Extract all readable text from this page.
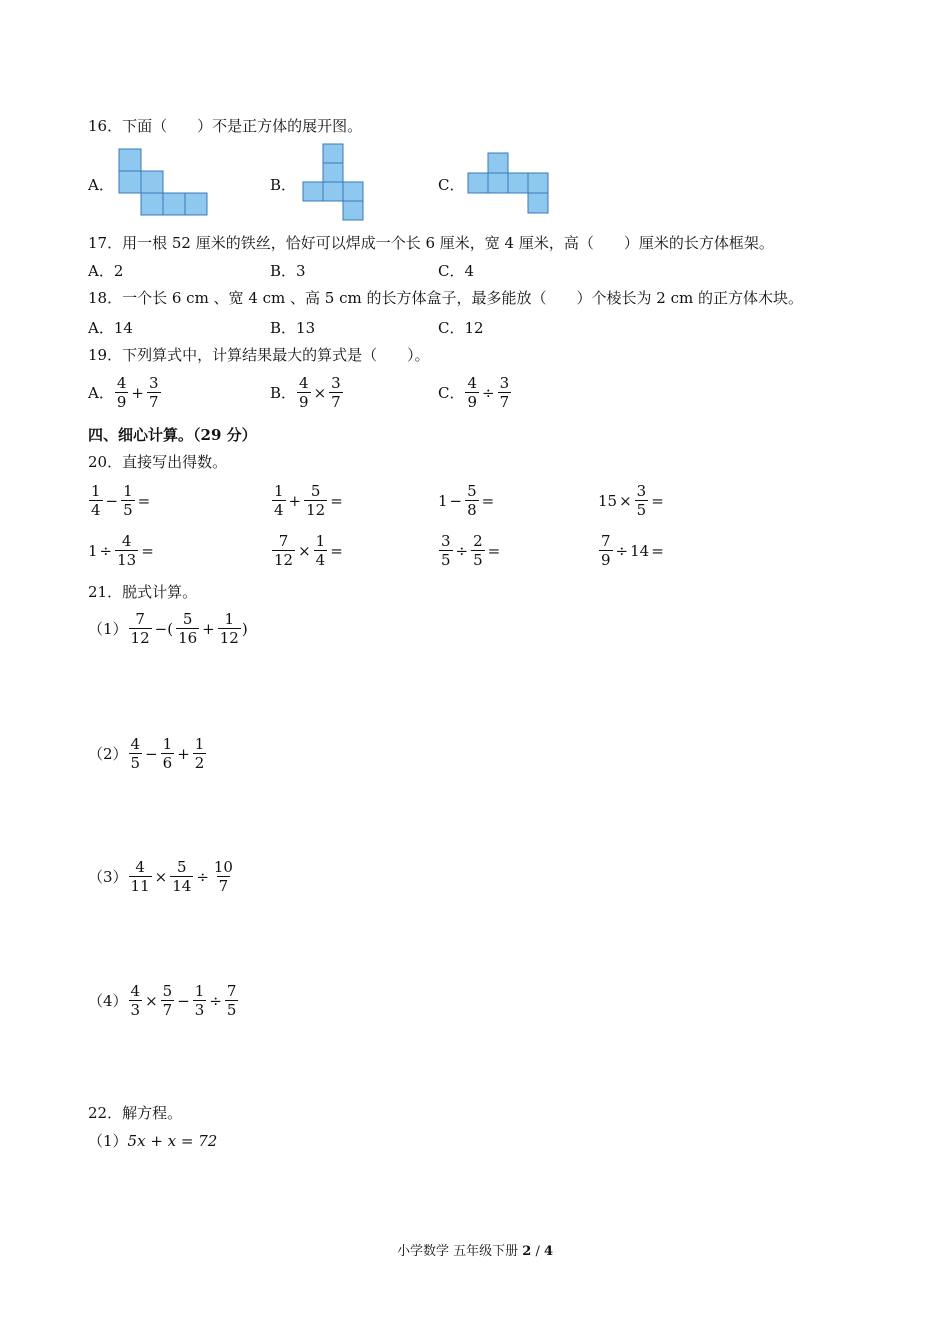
16．下面（　　）不是正方体的展开图。
A．	B．	C．
17．用一根 52 厘米的铁丝，恰好可以焊成一个长 6 厘米，宽 4 厘米，高（　　）厘米的长方体框架。
A．2	B．3	C．4
18．一个长 6 cm 、宽 4 cm 、高 5 cm 的长方体盒子，最多能放（　　）个棱长为 2 cm 的正方体木块。
A．14	B．13	C．12
19．下列算式中，计算结果最大的算式是（　　）。
A． $\frac{4}{9} + \frac{3}{7}$	B． $\frac{4}{9} \times \frac{3}{7}$	C． $\frac{4}{9} \div \frac{3}{7}$
四、细心计算。（29 分）
20．直接写出得数。
$\frac{1}{4} - \frac{1}{5}$ =	$\frac{1}{4} + \frac{5}{12}$ =	$1 - \frac{5}{8}$ =	$15 \times \frac{3}{5}$ =
$1 \div \frac{4}{13}$ =	$\frac{7}{12} \times \frac{1}{4}$ =	$\frac{3}{5} \div \frac{2}{5}$ =	$\frac{7}{9} \div 14$ =
21．脱式计算。
$(1) \frac{7}{12}$ −( $\frac{5}{16} + \frac{1}{12}$ )
$(2) \frac{4}{5} - \frac{1}{6} + \frac{1}{2}$
$(3) \frac{4}{11} \times \frac{5}{14} \div \frac{10}{7}$
$(4) \frac{4}{3} \times \frac{5}{7} - \frac{1}{3} \div \frac{7}{5}$
22．解方程。
（1）5x + x = 72
小学数学 五年级下册 2 / 4
